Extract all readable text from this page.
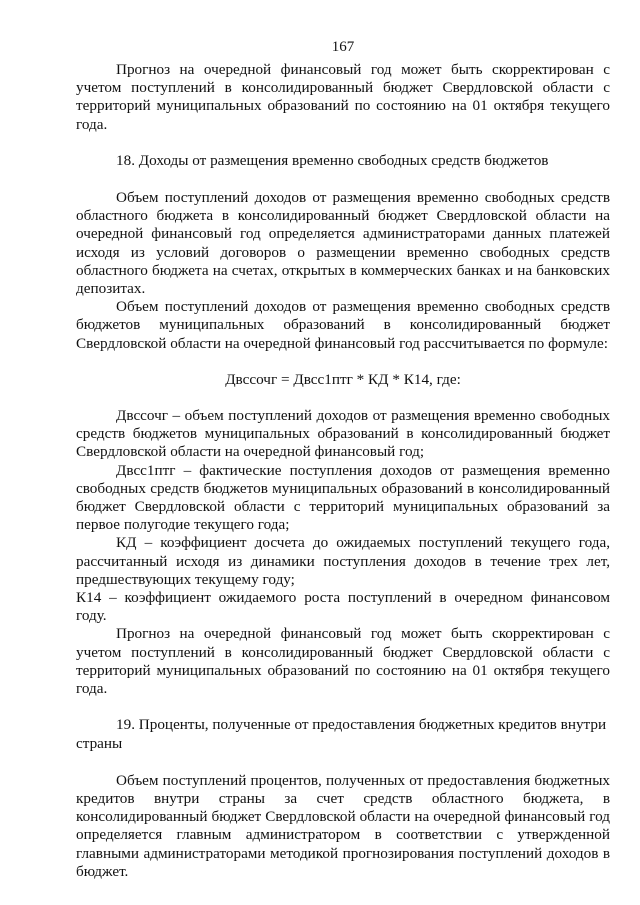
167

Прогноз на очередной финансовый год может быть скорректирован с учетом поступлений в консолидированный бюджет Свердловской области с территорий муниципальных образований по состоянию на 01 октября текущего года.

18. Доходы от размещения временно свободных средств бюджетов

Объем поступлений доходов от размещения временно свободных средств областного бюджета в консолидированный бюджет Свердловской области на очередной финансовый год определяется администраторами данных платежей исходя из условий договоров о размещении временно свободных средств областного бюджета на счетах, открытых в коммерческих банках и на банковских депозитах.

Объем поступлений доходов от размещения временно свободных средств бюджетов муниципальных образований в консолидированный бюджет Свердловской области на очередной финансовый год рассчитывается по формуле:

Двссочг = Двсс1птг * КД * К14, где:

Двссочг – объем поступлений доходов от размещения временно свободных средств бюджетов муниципальных образований в консолидированный бюджет Свердловской области на очередной финансовый год;

Двсс1птг – фактические поступления доходов от размещения временно свободных средств бюджетов муниципальных образований в консолидированный бюджет Свердловской области с территорий муниципальных образований за первое полугодие текущего года;

КД – коэффициент досчета до ожидаемых поступлений текущего года, рассчитанный исходя из динамики поступления доходов в течение трех лет, предшествующих текущему году;

К14 – коэффициент ожидаемого роста поступлений в очередном финансовом году.

Прогноз на очередной финансовый год может быть скорректирован с учетом поступлений в консолидированный бюджет Свердловской области с территорий муниципальных образований по состоянию на 01 октября текущего года.

19. Проценты, полученные от предоставления бюджетных кредитов внутри страны

Объем поступлений процентов, полученных от предоставления бюджетных кредитов внутри страны за счет средств областного бюджета, в консолидированный бюджет Свердловской области на очередной финансовый год определяется главным администратором в соответствии с утвержденной главными администраторами методикой прогнозирования поступлений доходов в бюджет.
